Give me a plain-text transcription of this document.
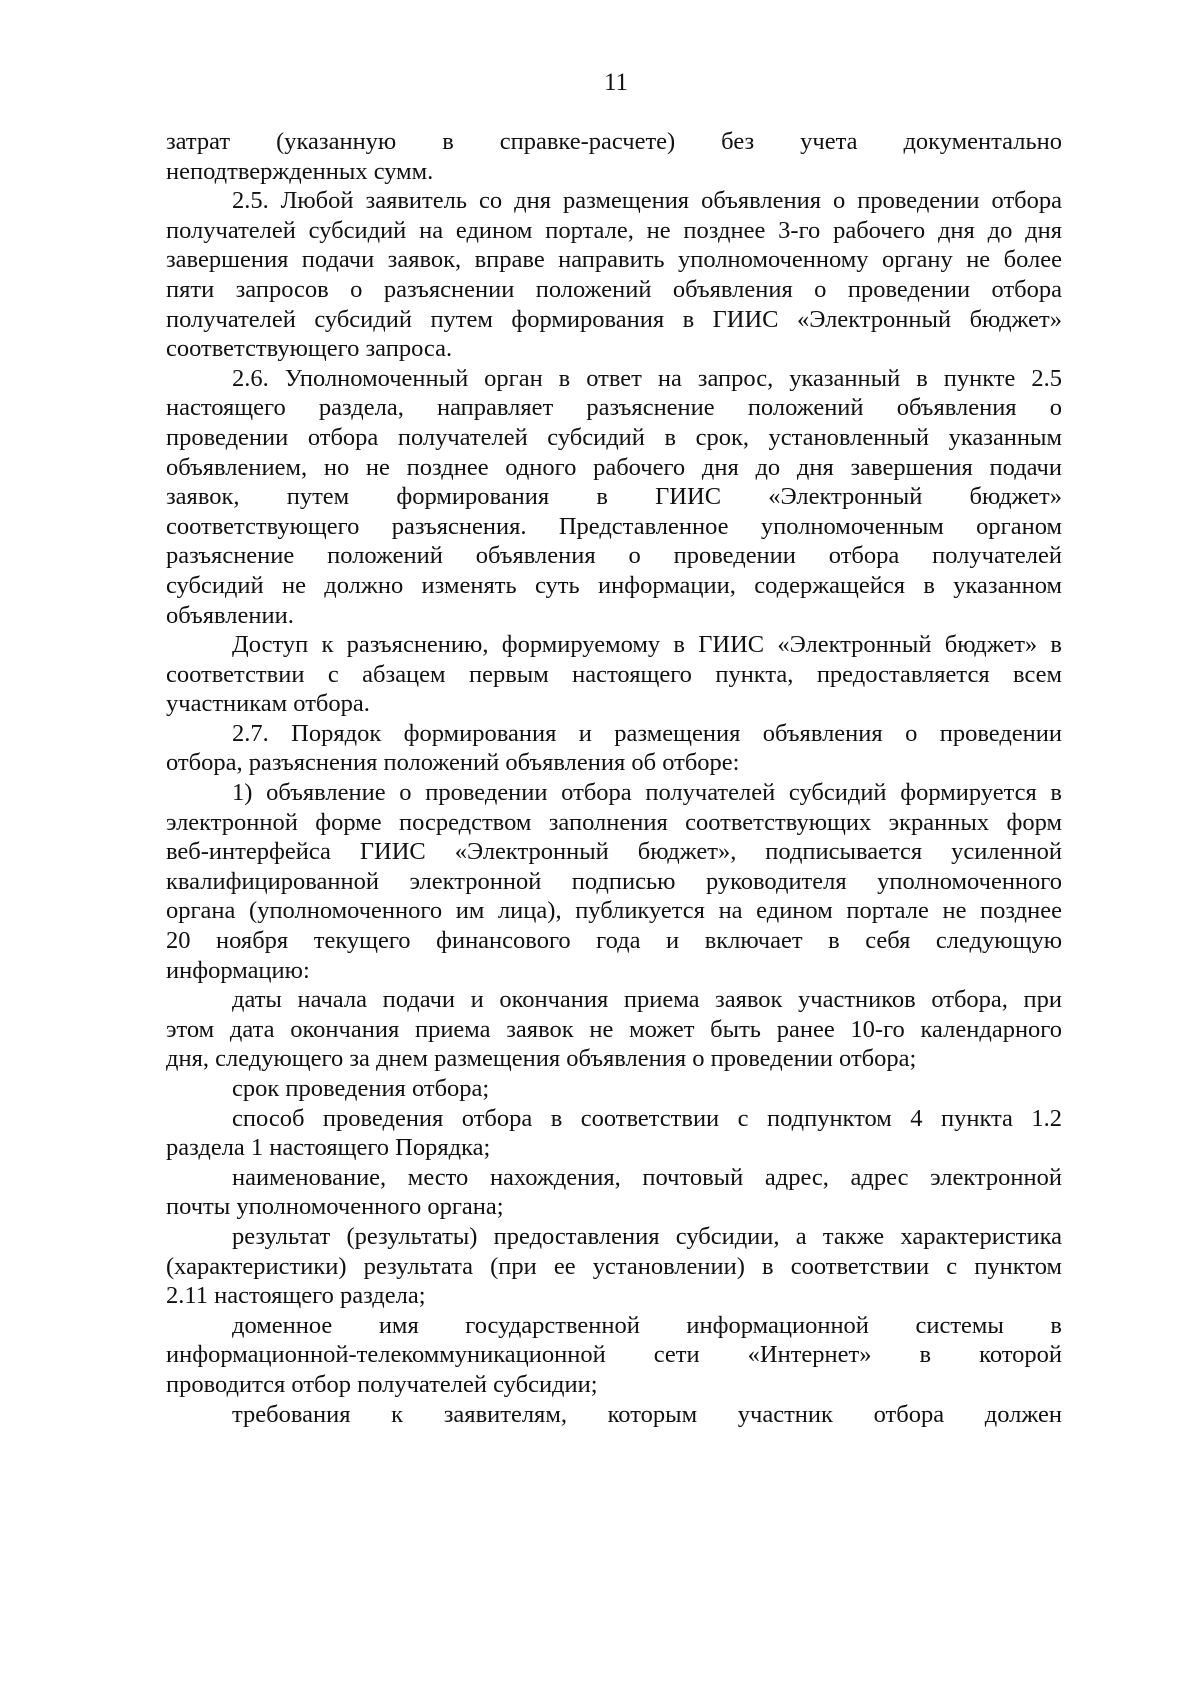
11
затрат (указанную в справке-расчете) без учета документально
неподтвержденных сумм.
2.5. Любой заявитель со дня размещения объявления о проведении отбора
получателей субсидий на едином портале, не позднее 3-го рабочего дня до дня
завершения подачи заявок, вправе направить уполномоченному органу не более
пяти запросов о разъяснении положений объявления о проведении отбора
получателей субсидий путем формирования в ГИИС «Электронный бюджет»
соответствующего запроса.
2.6. Уполномоченный орган в ответ на запрос, указанный в пункте 2.5
настоящего раздела, направляет разъяснение положений объявления о
проведении отбора получателей субсидий в срок, установленный указанным
объявлением, но не позднее одного рабочего дня до дня завершения подачи
заявок, путем формирования в ГИИС «Электронный бюджет»
соответствующего разъяснения. Представленное уполномоченным органом
разъяснение положений объявления о проведении отбора получателей
субсидий не должно изменять суть информации, содержащейся в указанном
объявлении.
Доступ к разъяснению, формируемому в ГИИС «Электронный бюджет» в
соответствии с абзацем первым настоящего пункта, предоставляется всем
участникам отбора.
2.7. Порядок формирования и размещения объявления о проведении
отбора, разъяснения положений объявления об отборе:
1) объявление о проведении отбора получателей субсидий формируется в
электронной форме посредством заполнения соответствующих экранных форм
веб-интерфейса ГИИС «Электронный бюджет», подписывается усиленной
квалифицированной электронной подписью руководителя уполномоченного
органа (уполномоченного им лица), публикуется на едином портале не позднее
20 ноября текущего финансового года и включает в себя следующую
информацию:
даты начала подачи и окончания приема заявок участников отбора, при
этом дата окончания приема заявок не может быть ранее 10-го календарного
дня, следующего за днем размещения объявления о проведении отбора;
срок проведения отбора;
способ проведения отбора в соответствии с подпунктом 4 пункта 1.2
раздела 1 настоящего Порядка;
наименование, место нахождения, почтовый адрес, адрес электронной
почты уполномоченного органа;
результат (результаты) предоставления субсидии, а также характеристика
(характеристики) результата (при ее установлении) в соответствии с пунктом
2.11 настоящего раздела;
доменное имя государственной информационной системы в
информационной-телекоммуникационной сети «Интернет» в которой
проводится отбор получателей субсидии;
требования к заявителям, которым участник отбора должен
